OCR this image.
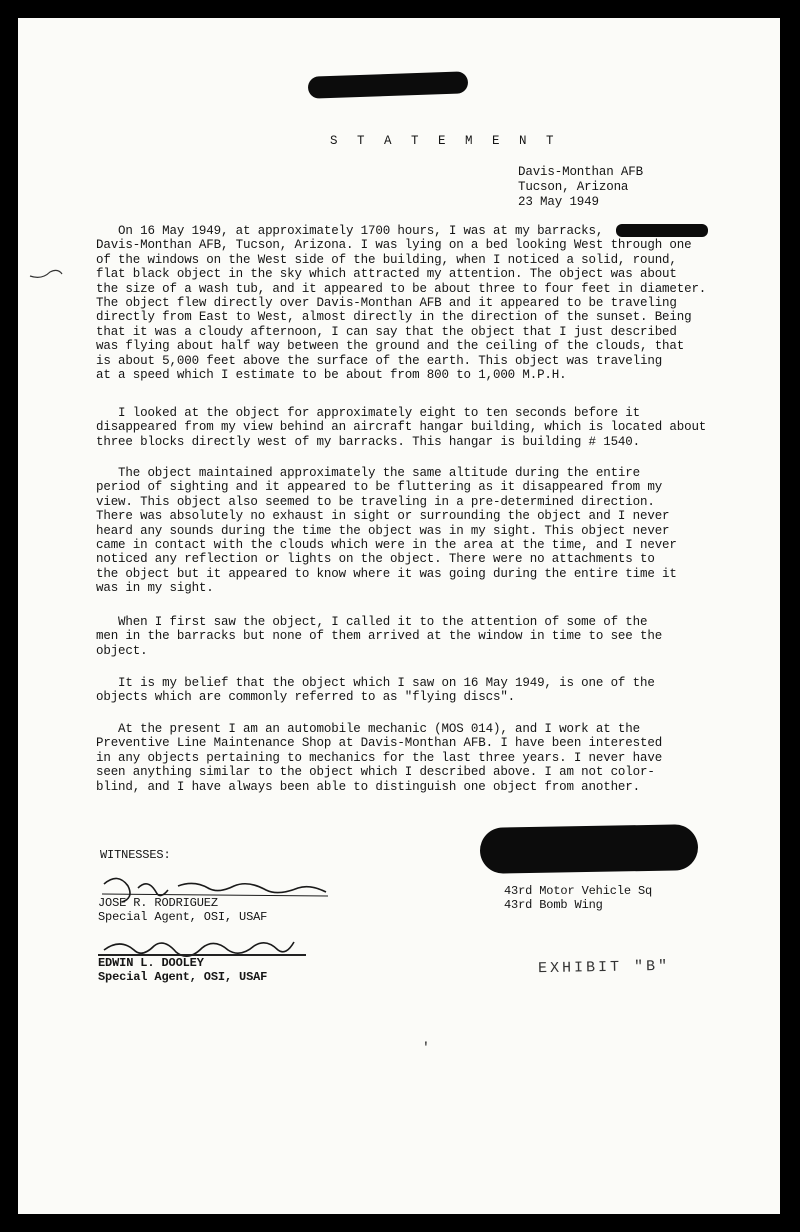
S T A T E M E N T
Davis-Monthan AFB
Tucson, Arizona
23 May 1949
On 16 May 1949, at approximately 1700 hours, I was at my barracks,
Davis-Monthan AFB, Tucson, Arizona. I was lying on a bed looking West through one
of the windows on the West side of the building, when I noticed a solid, round,
flat black object in the sky which attracted my attention. The object was about
the size of a wash tub, and it appeared to be about three to four feet in diameter.
The object flew directly over Davis-Monthan AFB and it appeared to be traveling
directly from East to West, almost directly in the direction of the sunset. Being
that it was a cloudy afternoon, I can say that the object that I just described
was flying about half way between the ground and the ceiling of the clouds, that
is about 5,000 feet above the surface of the earth. This object was traveling
at a speed which I estimate to be about from 800 to 1,000 M.P.H.
I looked at the object for approximately eight to ten seconds before it
disappeared from my view behind an aircraft hangar building, which is located about
three blocks directly west of my barracks. This hangar is building # 1540.
The object maintained approximately the same altitude during the entire
period of sighting and it appeared to be fluttering as it disappeared from my
view. This object also seemed to be traveling in a pre-determined direction.
There was absolutely no exhaust in sight or surrounding the object and I never
heard any sounds during the time the object was in my sight. This object never
came in contact with the clouds which were in the area at the time, and I never
noticed any reflection or lights on the object. There were no attachments to
the object but it appeared to know where it was going during the entire time it
was in my sight.
When I first saw the object, I called it to the attention of some of the
men in the barracks but none of them arrived at the window in time to see the
object.
It is my belief that the object which I saw on 16 May 1949, is one of the
objects which are commonly referred to as "flying discs".
At the present I am an automobile mechanic (MOS 014), and I work at the
Preventive Line Maintenance Shop at Davis-Monthan AFB. I have been interested
in any objects pertaining to mechanics for the last three years. I never have
seen anything similar to the object which I described above. I am not color-
blind, and I have always been able to distinguish one object from another.
WITNESSES:
JOSE R. RODRIGUEZ
Special Agent, OSI, USAF
43rd Motor Vehicle Sq
43rd Bomb Wing
EDWIN L. DOOLEY
Special Agent, OSI, USAF	EXHIBIT "B"
'
